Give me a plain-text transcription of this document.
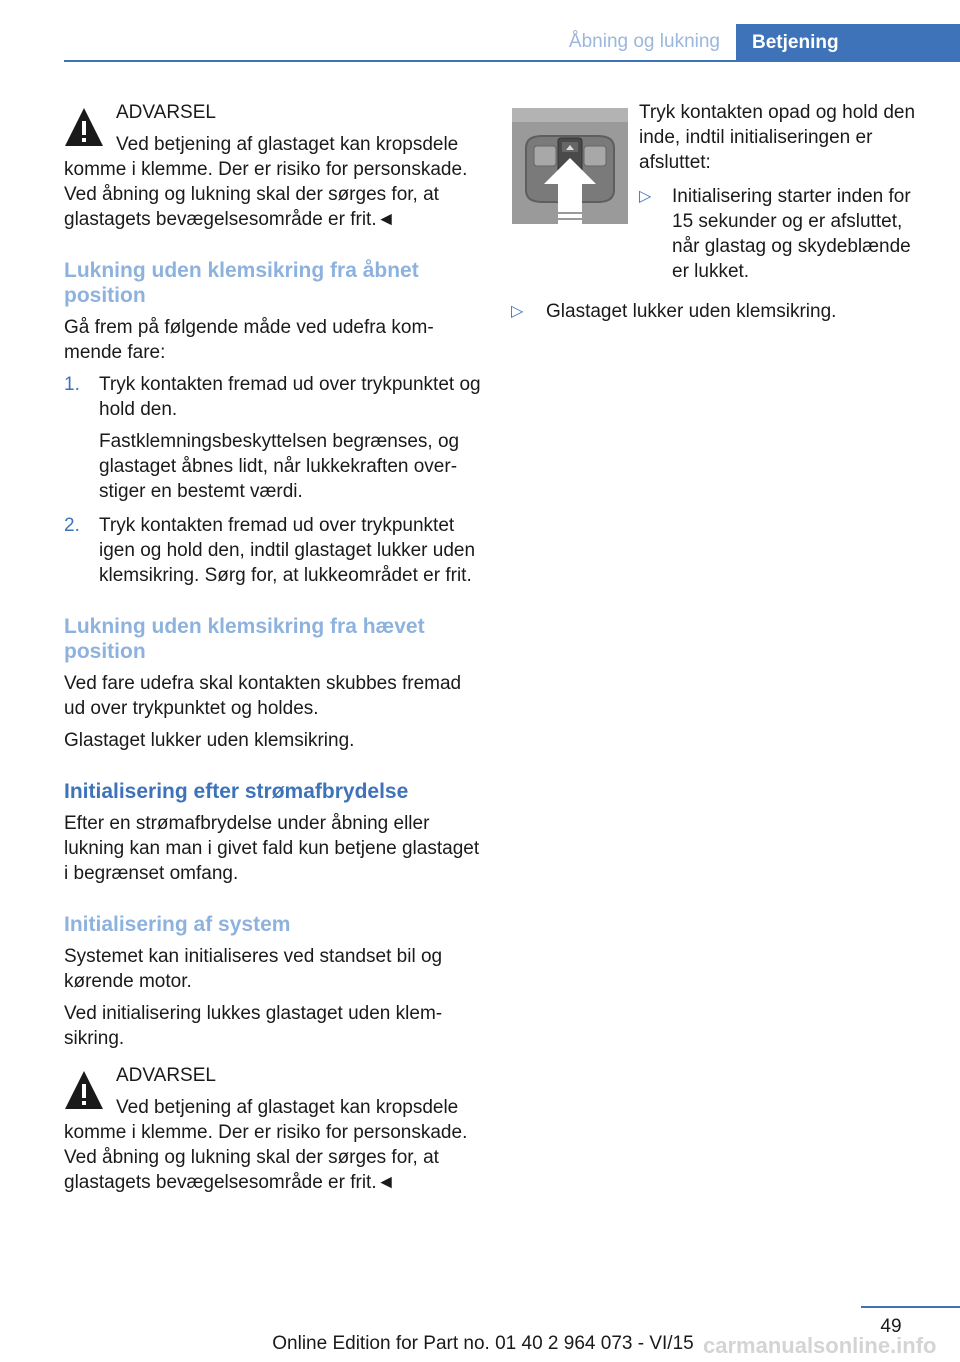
Åbning og lukning	Betjening

ADVARSEL

Ved betjening af glastaget kan kropsdele komme i klemme. Der er risiko for personskade. Ved åbning og lukning skal der sørges for, at glastagets bevægelsesområde er frit.◄

Lukning uden klemsikring fra åbnet position

Gå frem på følgende måde ved udefra kommende fare:

1. Tryk kontakten fremad ud over trykpunktet og hold den.

Fastklemningsbeskyttelsen begrænses, og glastaget åbnes lidt, når lukkekraften overstiger en bestemt værdi.

2. Tryk kontakten fremad ud over trykpunktet igen og hold den, indtil glastaget lukker uden klemsikring. Sørg for, at lukkeområdet er frit.

Lukning uden klemsikring fra hævet position

Ved fare udefra skal kontakten skubbes fremad ud over trykpunktet og holdes.

Glastaget lukker uden klemsikring.

Initialisering efter strømafbrydelse

Efter en strømafbrydelse under åbning eller lukning kan man i givet fald kun betjene glastaget i begrænset omfang.

Initialisering af system

Systemet kan initialiseres ved standset bil og kørende motor.

Ved initialisering lukkes glastaget uden klemsikring.

ADVARSEL

Ved betjening af glastaget kan kropsdele komme i klemme. Der er risiko for personskade. Ved åbning og lukning skal der sørges for, at glastagets bevægelsesområde er frit.◄

Tryk kontakten opad og hold den inde, indtil initialiseringen er afsluttet:

▷ Initialisering starter inden for 15 sekunder og er afsluttet, når glastag og skydeblænde er lukket.

▷ Glastaget lukker uden klemsikring.

49
Online Edition for Part no. 01 40 2 964 073 - VI/15 carmanualsonline.info
